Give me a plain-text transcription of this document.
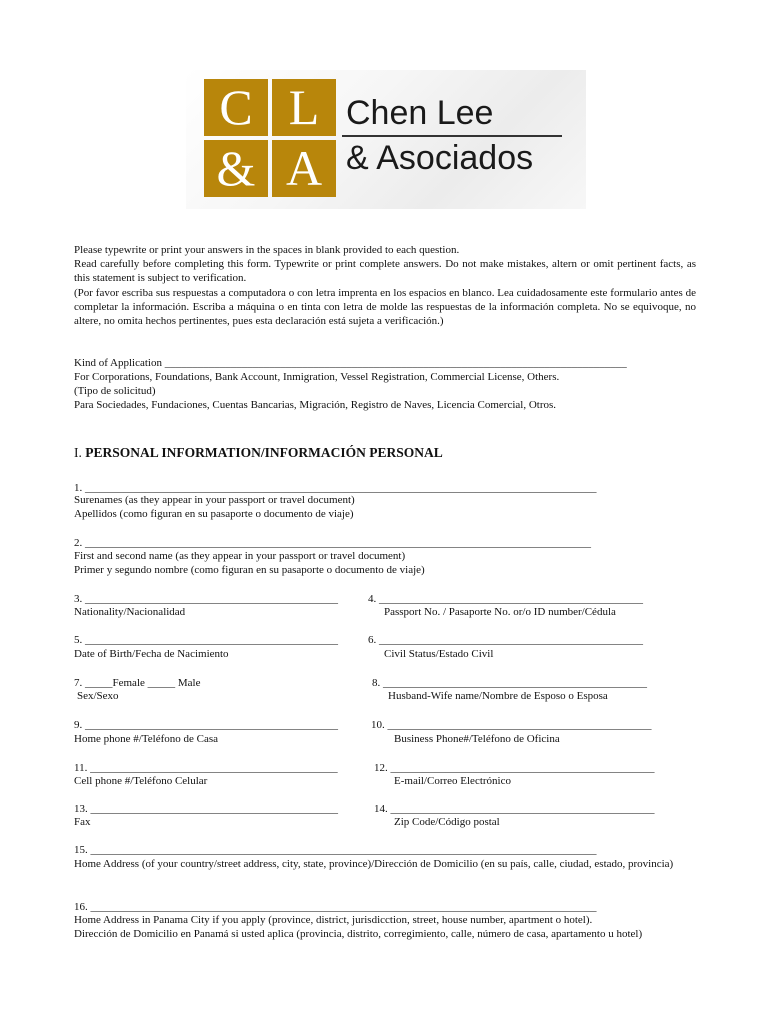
C L
& A
Chen Lee
& Asociados
Please typewrite or print your answers in the spaces in blank provided to each question.
Read carefully before completing this form. Typewrite or print complete answers. Do not make mistakes, altern or omit pertinent facts, as this statement is subject to verification.
(Por favor escriba sus respuestas a computadora o con letra imprenta en los espacios en blanco. Lea cuidadosamente este formulario antes de completar la información. Escriba a máquina o en tinta con letra de molde las respuestas de la información completa. No se equivoque, no altere, no omita hechos pertinentes, pues esta declaración está sujeta a verificación.)
Kind of Application ____________________________________________________________________________________
For Corporations, Foundations, Bank Account, Inmigration, Vessel Registration, Commercial License, Others.
(Tipo de solicitud)
Para Sociedades, Fundaciones, Cuentas Bancarias, Migración, Registro de Naves, Licencia Comercial, Otros.
I. PERSONAL INFORMATION/INFORMACIÓN PERSONAL
1. _____________________________________________________________________________________________
Surenames (as they appear in your passport or travel document)
Apellidos (como figuran en su pasaporte o documento de viaje)
2. ____________________________________________________________________________________________
First and second name (as they appear in your passport or travel document)
Primer y segundo nombre (como figuran en su pasaporte o documento de viaje)
3. ______________________________________________
Nationality/Nacionalidad
4. ________________________________________________
Passport No. / Pasaporte No. or/o ID number/Cédula
5. ______________________________________________
Date of Birth/Fecha de Nacimiento
6. ________________________________________________
Civil Status/Estado Civil
7. _____Female _____ Male
Sex/Sexo
8. ________________________________________________
Husband-Wife name/Nombre de Esposo o Esposa
9. ______________________________________________
Home phone #/Teléfono de Casa
10. ________________________________________________
Business Phone#/Teléfono de Oficina
11. _____________________________________________
Cell phone #/Teléfono Celular
12. ________________________________________________
E-mail/Correo Electrónico
13. _____________________________________________
Fax
14. ________________________________________________
Zip Code/Código postal
15. ____________________________________________________________________________________________
Home Address (of your country/street address, city, state, province)/Dirección de Domicilio (en su país, calle, ciudad, estado, provincia)
16. ____________________________________________________________________________________________
Home Address in Panama City if you apply (province, district, jurisdicction, street, house number, apartment o hotel).
Dirección de Domicilio en Panamá si usted aplica (provincia, distrito, corregimiento, calle, número de casa, apartamento u hotel)
